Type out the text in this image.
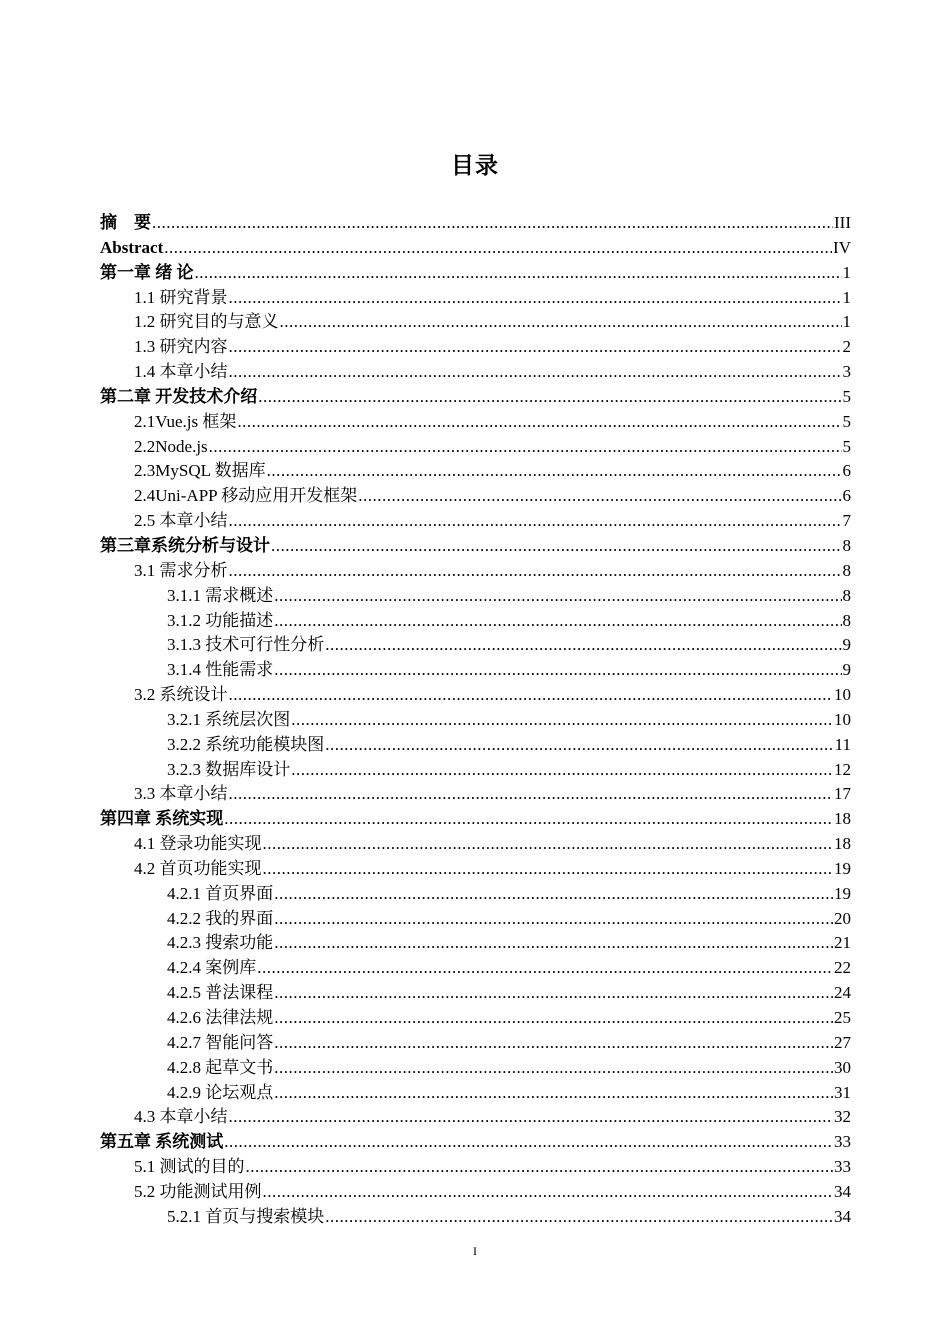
目录
摘　要 .....	III
Abstract .....	IV
第一章 绪 论 .....	1
1.1 研究背景 .....	1
1.2 研究目的与意义 .....	1
1.3 研究内容 .....	2
1.4 本章小结 .....	3
第二章 开发技术介绍 .....	5
2.1Vue.js 框架 .....	5
2.2Node.js .....	5
2.3MySQL 数据库 .....	6
2.4Uni-APP 移动应用开发框架 .....	6
2.5 本章小结 .....	7
第三章系统分析与设计 .....	8
3.1 需求分析 .....	8
3.1.1 需求概述 .....	8
3.1.2 功能描述 .....	8
3.1.3 技术可行性分析 .....	9
3.1.4 性能需求 .....	9
3.2 系统设计 .....	10
3.2.1 系统层次图 .....	10
3.2.2 系统功能模块图 .....	11
3.2.3 数据库设计 .....	12
3.3 本章小结 .....	17
第四章 系统实现 .....	18
4.1 登录功能实现 .....	18
4.2 首页功能实现 .....	19
4.2.1 首页界面 .....	19
4.2.2 我的界面 .....	20
4.2.3 搜索功能 .....	21
4.2.4 案例库 .....	22
4.2.5 普法课程 .....	24
4.2.6 法律法规 .....	25
4.2.7 智能问答 .....	27
4.2.8 起草文书 .....	30
4.2.9 论坛观点 .....	31
4.3 本章小结 .....	32
第五章 系统测试 .....	33
5.1 测试的目的 .....	33
5.2 功能测试用例 .....	34
5.2.1 首页与搜索模块 .....	34
I
